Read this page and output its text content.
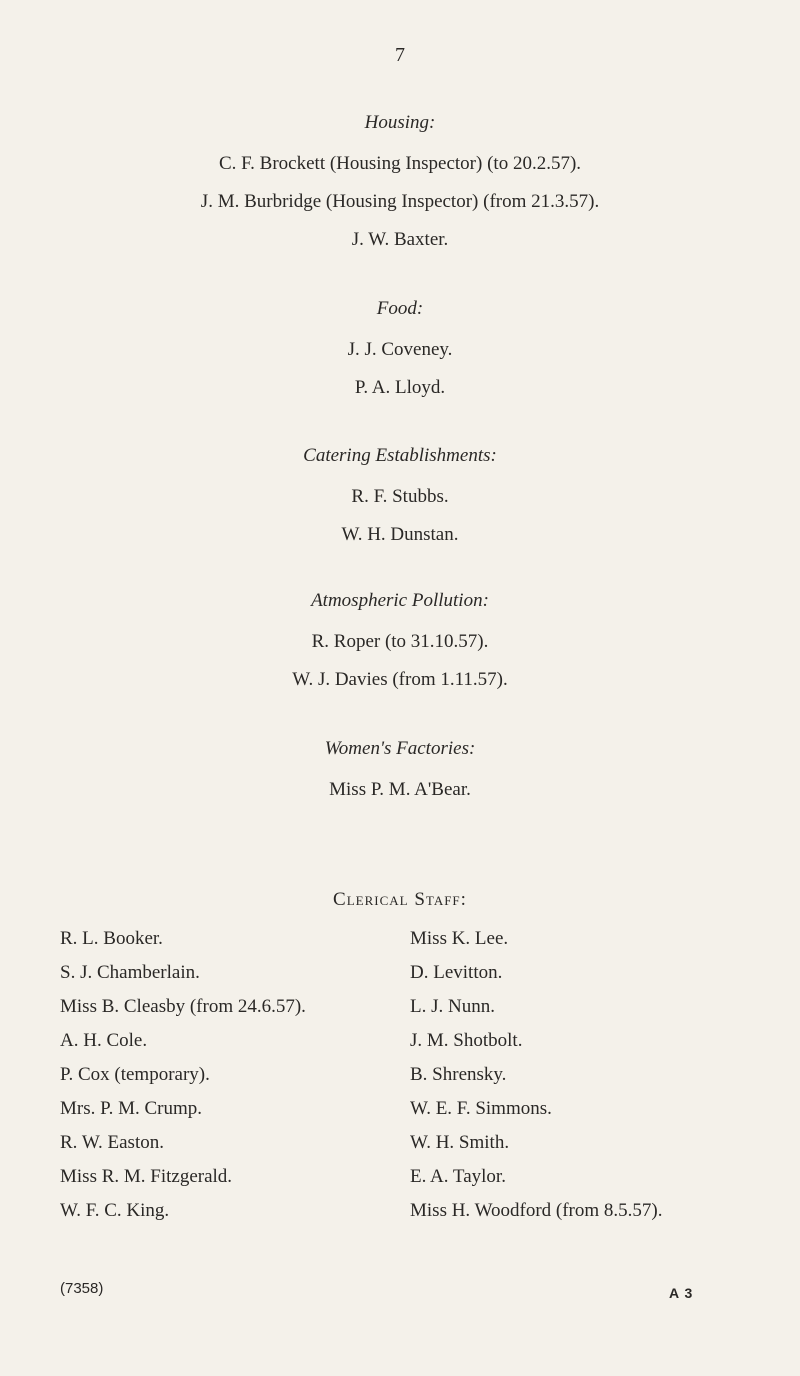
7
Housing:
C. F. Brockett (Housing Inspector) (to 20.2.57).
J. M. Burbridge (Housing Inspector) (from 21.3.57).
J. W. Baxter.
Food:
J. J. Coveney.
P. A. Lloyd.
Catering Establishments:
R. F. Stubbs.
W. H. Dunstan.
Atmospheric Pollution:
R. Roper (to 31.10.57).
W. J. Davies (from 1.11.57).
Women's Factories:
Miss P. M. A'Bear.
Clerical Staff:
R. L. Booker.
S. J. Chamberlain.
Miss B. Cleasby (from 24.6.57).
A. H. Cole.
P. Cox (temporary).
Mrs. P. M. Crump.
R. W. Easton.
Miss R. M. Fitzgerald.
W. F. C. King.
Miss K. Lee.
D. Levitton.
L. J. Nunn.
J. M. Shotbolt.
B. Shrensky.
W. E. F. Simmons.
W. H. Smith.
E. A. Taylor.
Miss H. Woodford (from 8.5.57).
(7358)	A 3
